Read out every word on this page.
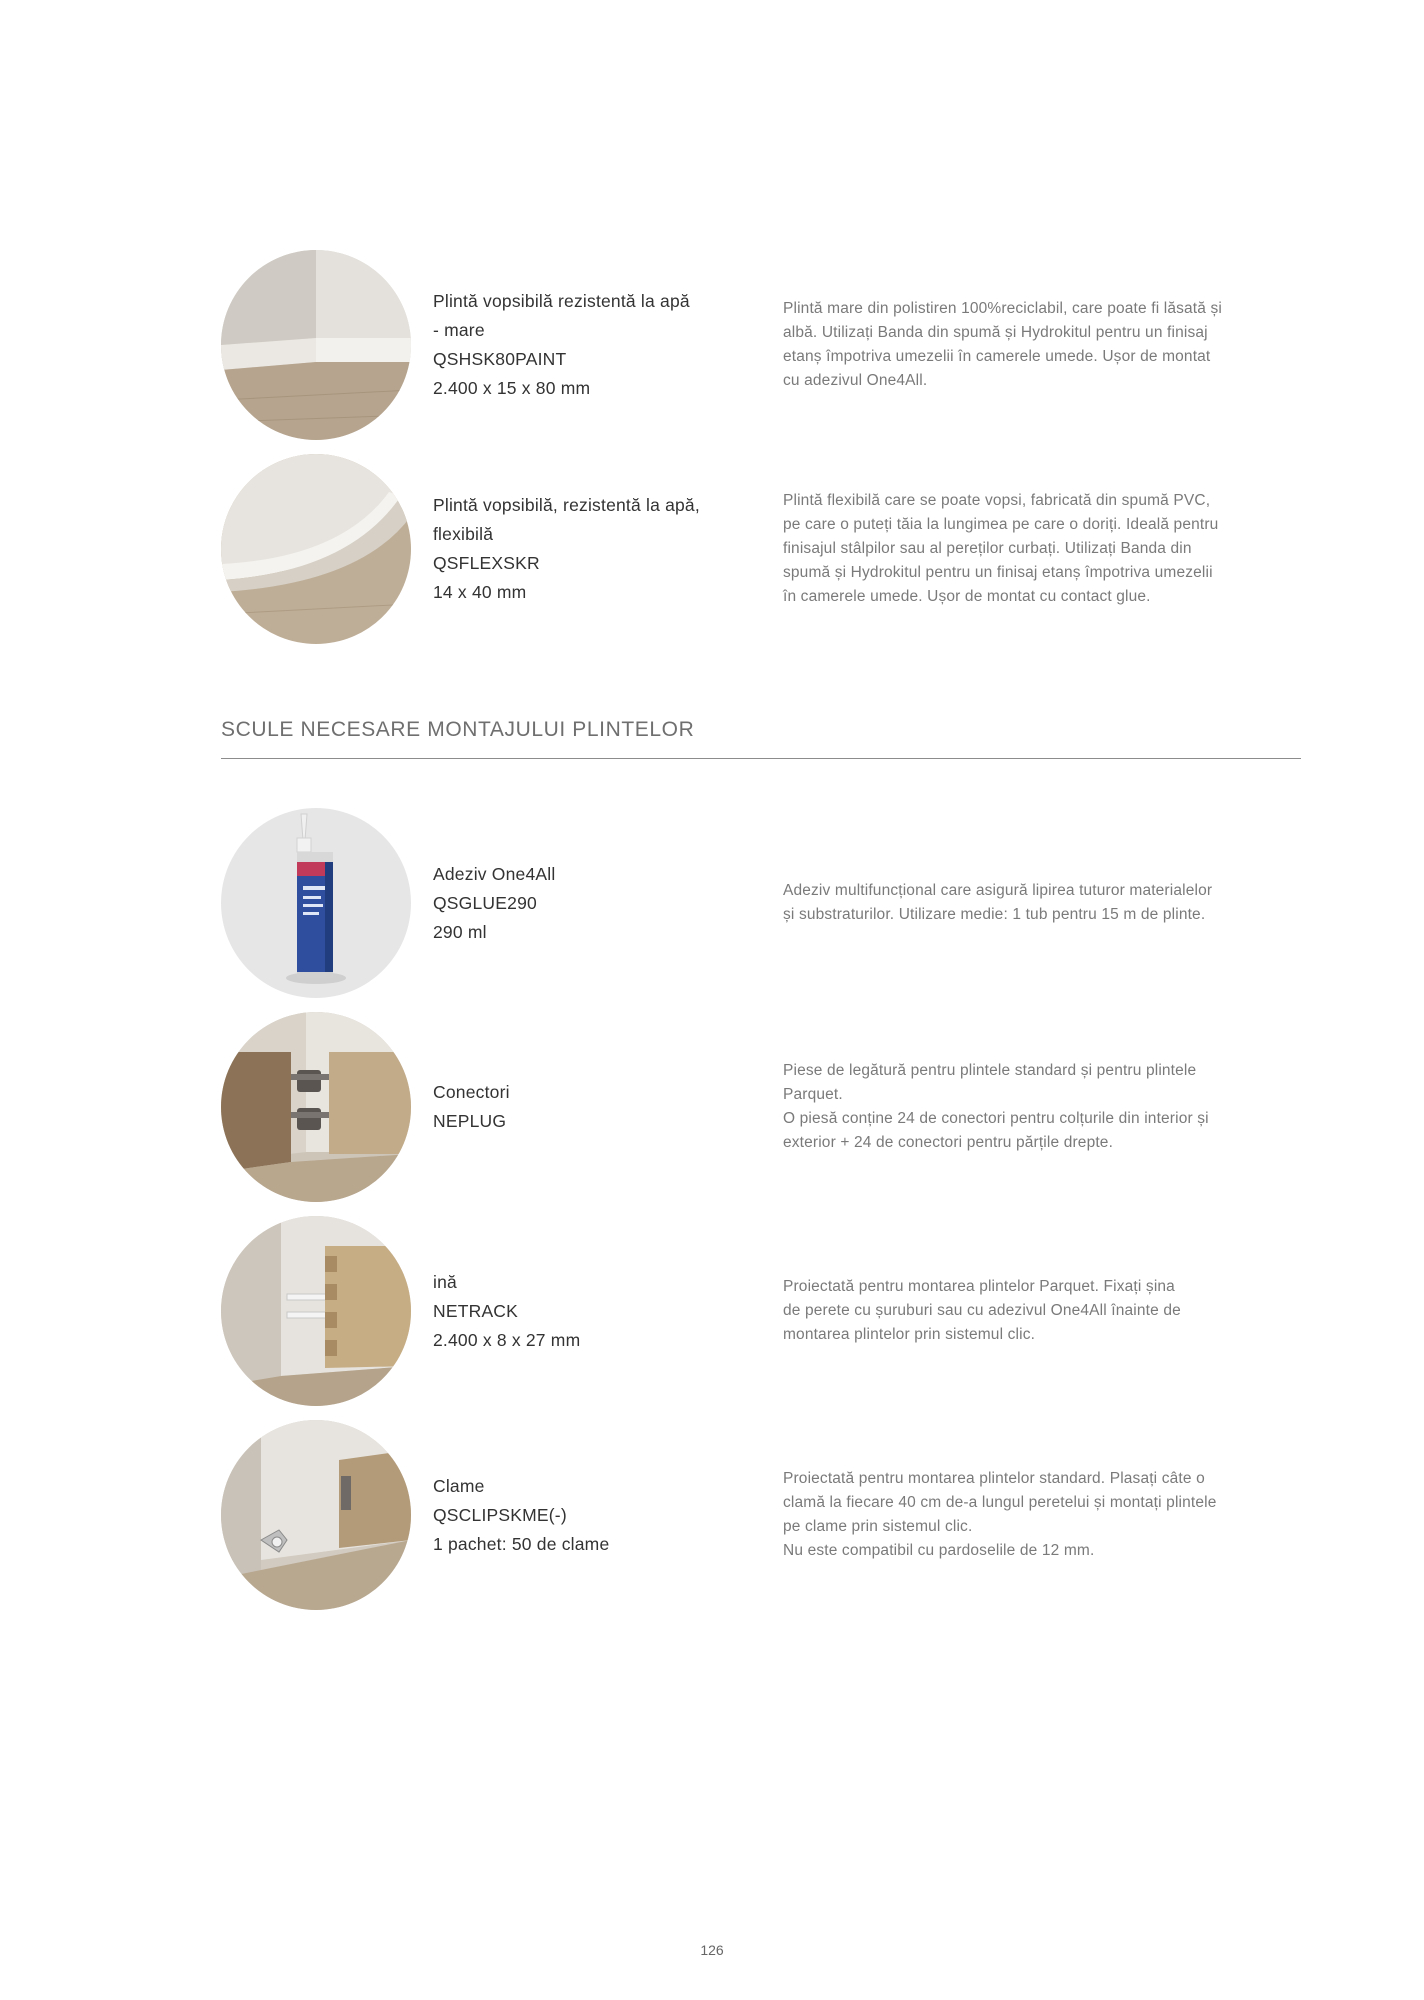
Plintă vopsibilă rezistentă la apă
- mare
QSHSK80PAINT
2.400 x 15 x 80 mm
Plintă mare din polistiren 100%reciclabil, care poate fi lăsată și
albă. Utilizați Banda din spumă și Hydrokitul pentru un finisaj
etanș împotriva umezelii în camerele umede. Ușor de montat
cu adezivul One4All.
Plintă vopsibilă, rezistentă la apă,
flexibilă
QSFLEXSKR
14 x 40 mm
Plintă flexibilă care se poate vopsi, fabricată din spumă PVC,
pe care o puteți tăia la lungimea pe care o doriți. Ideală pentru
finisajul stâlpilor sau al pereților curbați. Utilizați Banda din
spumă și Hydrokitul pentru un finisaj etanș împotriva umezelii
în camerele umede. Ușor de montat cu contact glue.
SCULE NECESARE MONTAJULUI PLINTELOR
Adeziv One4All
QSGLUE290
290 ml
Adeziv multifuncțional care asigură lipirea tuturor materialelor
și substraturilor. Utilizare medie: 1 tub pentru 15 m de plinte.
Conectori
NEPLUG
Piese de legătură pentru plintele standard și pentru plintele
Parquet.
O piesă conține 24 de conectori pentru colțurile din interior și
exterior + 24 de conectori pentru părțile drepte.
ină
NETRACK
2.400 x 8 x 27 mm
Proiectată pentru montarea plintelor Parquet. Fixați șina
de perete cu șuruburi sau cu adezivul One4All înainte de
montarea plintelor prin sistemul clic.
Clame
QSCLIPSKME(-)
1 pachet: 50 de clame
Proiectată pentru montarea plintelor standard. Plasați câte o
clamă la fiecare 40 cm de-a lungul peretelui și montați plintele
pe clame prin sistemul clic.
Nu este compatibil cu pardoselile de 12 mm.
126
